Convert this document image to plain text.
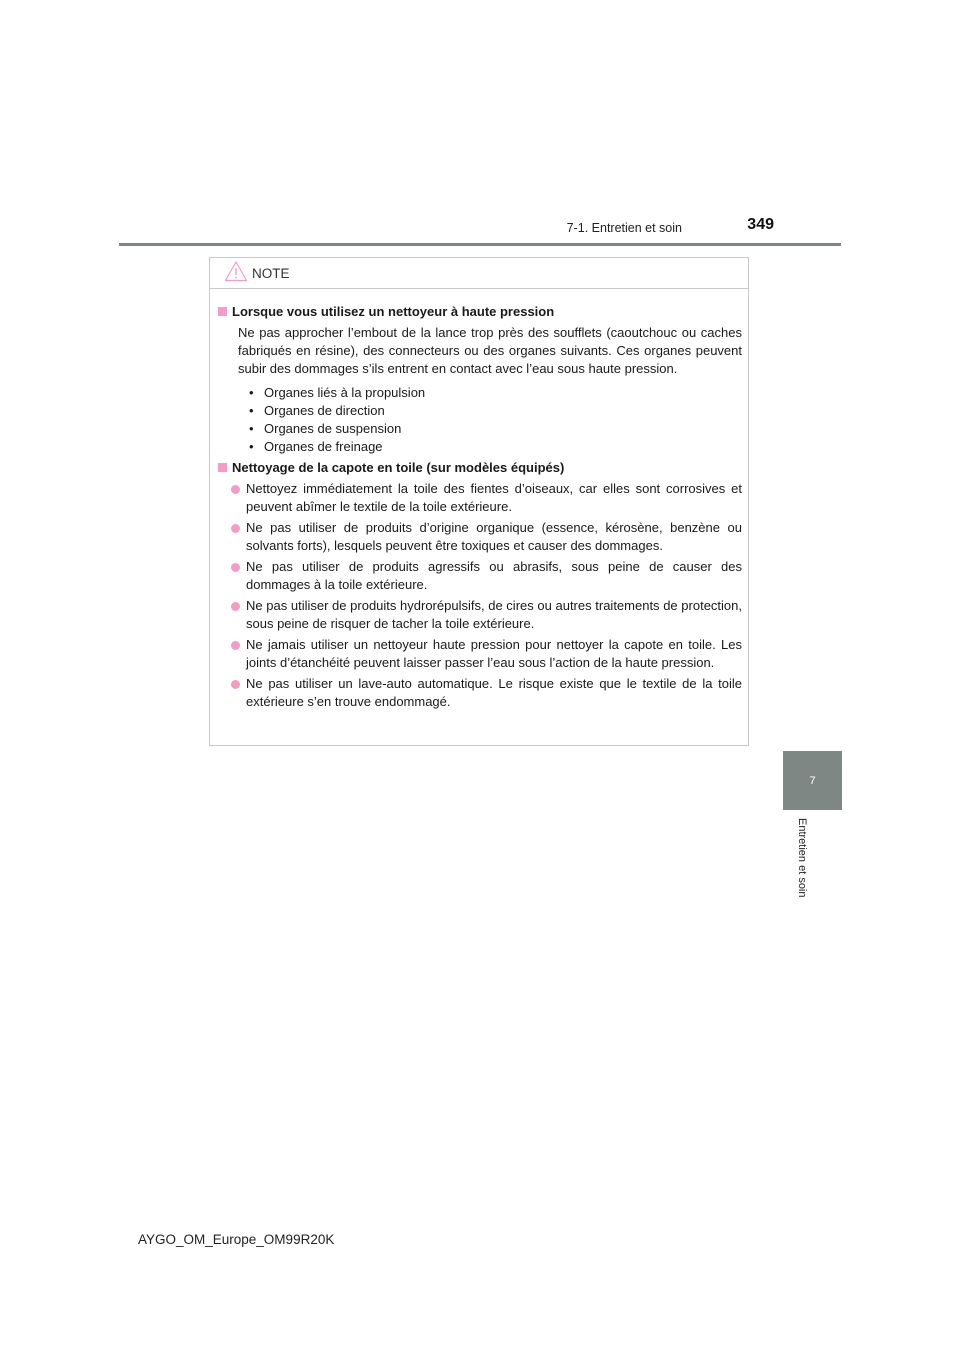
7-1. Entretien et soin	349
7
Entretien et soin
NOTE
Lorsque vous utilisez un nettoyeur à haute pression
Ne pas approcher l’embout de la lance trop près des soufflets (caoutchouc ou caches fabriqués en résine), des connecteurs ou des organes suivants. Ces organes peuvent subir des dommages s’ils entrent en contact avec l’eau sous haute pression.
• Organes liés à la propulsion
• Organes de direction
• Organes de suspension
• Organes de freinage
Nettoyage de la capote en toile (sur modèles équipés)
Nettoyez immédiatement la toile des fientes d’oiseaux, car elles sont corrosives et peuvent abîmer le textile de la toile extérieure.
Ne pas utiliser de produits d’origine organique (essence, kérosène, benzène ou solvants forts), lesquels peuvent être toxiques et causer des dommages.
Ne pas utiliser de produits agressifs ou abrasifs, sous peine de causer des dommages à la toile extérieure.
Ne pas utiliser de produits hydrorépulsifs, de cires ou autres traitements de protection, sous peine de risquer de tacher la toile extérieure.
Ne jamais utiliser un nettoyeur haute pression pour nettoyer la capote en toile. Les joints d’étanchéité peuvent laisser passer l’eau sous l’action de la haute pression.
Ne pas utiliser un lave-auto automatique. Le risque existe que le textile de la toile extérieure s’en trouve endommagé.
AYGO_OM_Europe_OM99R20K
